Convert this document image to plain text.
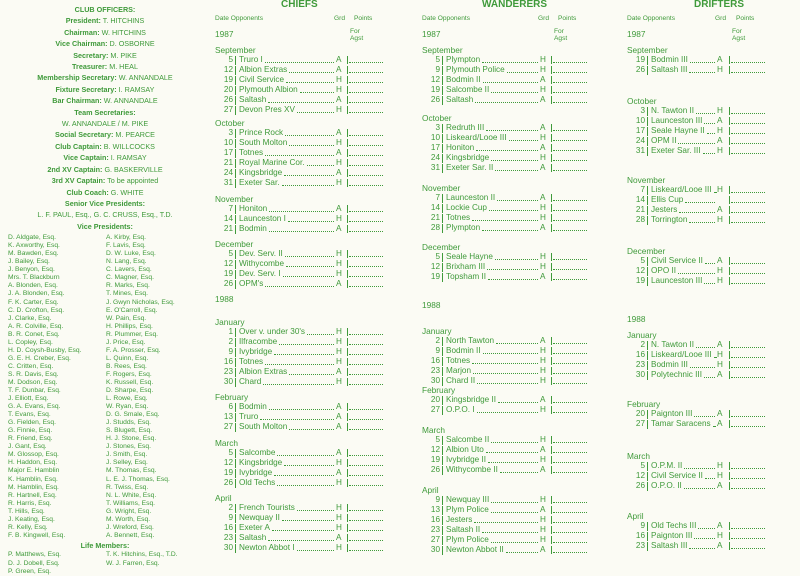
CLUB OFFICERS:
President: T. HITCHINS
Chairman: W. HITCHINS
Vice Chairman: D. OSBORNE
Secretary: M. PIKE
Treasurer: M. HEAL
Membership Secretary: W. ANNANDALE
Fixture Secretary: I. RAMSAY
Bar Chairman: W. ANNANDALE
Team Secretaries:
W. ANNANDALE / M. PIKE
Social Secretary: M. PEARCE
Club Captain: B. WILLCOCKS
Vice Captain: I. RAMSAY
2nd XV Captain: G. BASKERVILLE
3rd XV Captain: To be appointed
Club Coach: G. WHITE
Senior Vice Presidents:
L. F. PAUL, Esq., G. C. CRUSS, Esq., T.D.
Vice Presidents:
D. Aldgate, Esq.
K. Axworthy, Esq.
M. Bawden, Esq.
J. Bailey, Esq.
J. Benyon, Esq.
Mrs. T. Blackburn
A. Blonden, Esq.
J. A. Blonden, Esq.
F. K. Carter, Esq.
C. D. Crofton, Esq.
J. Clarke, Esq.
A. R. Colville, Esq.
B. R. Conet, Esq.
L. Copley, Esq.
H. D. Coysh-Busby, Esq.
G. E. H. Creber, Esq.
C. Critten, Esq.
S. R. Davis, Esq.
M. Dodson, Esq.
T. F. Dunbar, Esq.
J. Elliott, Esq.
G. A. Evans, Esq.
T. Evans, Esq.
G. Fielden, Esq.
G. Finnie, Esq.
R. Friend, Esq.
J. Gant, Esq.
M. Glossop, Esq.
H. Haddon, Esq.
Major E. Hamblin
K. Hamblin, Esq.
M. Hamblin, Esq.
R. Hartnell, Esq.
R. Harris, Esq.
T. Hills, Esq.
J. Keating, Esq.
R. Kelly, Esq.
F. B. Kingwell, Esq.
A. Kirby, Esq.
F. Lavis, Esq.
D. W. Luke, Esq.
N. Lang, Esq.
C. Lavers, Esq.
C. Magner, Esq.
R. Marks, Esq.
T. Mines, Esq.
J. Gwyn Nicholas, Esq.
E. O'Carroll, Esq.
W. Pain, Esq.
H. Phillips, Esq.
R. Plummer, Esq.
J. Price, Esq.
F. A. Prosser, Esq.
L. Quinn, Esq.
B. Rees, Esq.
F. Rogers, Esq.
K. Russell, Esq.
D. Sharpe, Esq.
L. Rowe, Esq.
W. Ryan, Esq.
D. G. Smale, Esq.
J. Studds, Esq.
S. Blugett, Esq.
H. J. Stone, Esq.
J. Stones, Esq.
J. Smith, Esq.
J. Selley, Esq.
M. Thomas, Esq.
L. E. J. Thomas, Esq.
R. Twiss, Esq.
N. L. White, Esq.
T. Williams, Esq.
G. Wright, Esq.
M. Worth, Esq.
J. Wreford, Esq.
A. Bennett, Esq.
Life Members:
P. Matthews, Esq.
D. J. Dobell, Esq.
P. Green, Esq.
T. K. Hitchins, Esq., T.D.
W. J. Farren, Esq.
CHIEFS
Date Opponents	Grd Points
For Agst
1987
1988
September
5 Truro I	A
12 Albion Extras	A
19 Civil Service	H
20 Plymouth Albion	H
26 Saltash	A
27 Devon Pres XV	H
October
3 Prince Rock	A
10 South Molton	H
17 Totnes	A
21 Royal Marine Cor.	H
24 Kingsbridge	A
31 Exeter Sar.	H
November
7 Honiton	A
14 Launceston I	H
21 Bodmin	A
December
5 Dev. Serv. II	H
12 Withycombe	H
19 Dev. Serv. I	H
26 OPM's	A
January
1 Over v. under 30's	H
2 Ilfracombe	H
9 Ivybridge	H
16 Totnes	H
23 Albion Extras	A
30 Chard	H
February
6 Bodmin	A
13 Truro	A
27 South Molton	A
March
5 Salcombe	A
12 Kingsbridge	H
19 Ivybridge	A
26 Old Techs	H
April
2 French Tourists	H
9 Newquay II	H
16 Exeter A	H
23 Saltash	A
30 Newton Abbot I	H
WANDERERS
Date Opponents	Grd Points
For Agst
1987
1988
September
5 Plympton	H
9 Plymouth Police	H
12 Bodmin II	A
19 Salcombe II	H
26 Saltash	A
October
3 Redruth III	A
10 Liskeard/Looe III	H
17 Honiton	A
24 Kingsbridge	H
31 Exeter Sar. II	A
November
7 Launceston II	A
14 Lockie Cup	H
21 Totnes	H
28 Plympton	A
December
5 Seale Hayne	H
12 Brixham III	H
19 Topsham II	A
January
2 North Tawton	A
9 Bodmin II	H
16 Totnes	H
23 Marjon	H
30 Chard II	H
February
20 Kingsbridge II	A
27 O.P.O. I	H
March
5 Salcombe II	H
12 Albion Uto	A
19 Ivybridge II	H
26 Withycombe II	A
April
9 Newquay III	H
13 Plym Police	A
16 Jesters	H
23 Saltash II	H
27 Plym Police	H
30 Newton Abbot II	A
DRIFTERS
Date Opponents	Grd Points
For Agst
1987
1988
September
19 Bodmin III	A
26 Saltash III	H
October
3 N. Tawton II	H
10 Launceston III A
17 Seale Hayne II H
24 OPM II	A
31 Exeter Sar. III H
November
7 Liskeard/Looe III H
14 Ellis Cup
21 Jesters	A
28 Torrington	H
December
5 Civil Service II A
12 OPO II	H
19 Launceston III H
January
2 N. Tawton II	A
16 Liskeard/Looe III H
23 Bodmin III	H
30 Polytechnic III A
February
20 Paignton III	A
27 Tamar Saracens A
March
5 O.P.M. II	H
12 Civil Service II H
26 O.P.O. II	A
April
9 Old Techs III	A
16 Paignton III	H
23 Saltash III	A
